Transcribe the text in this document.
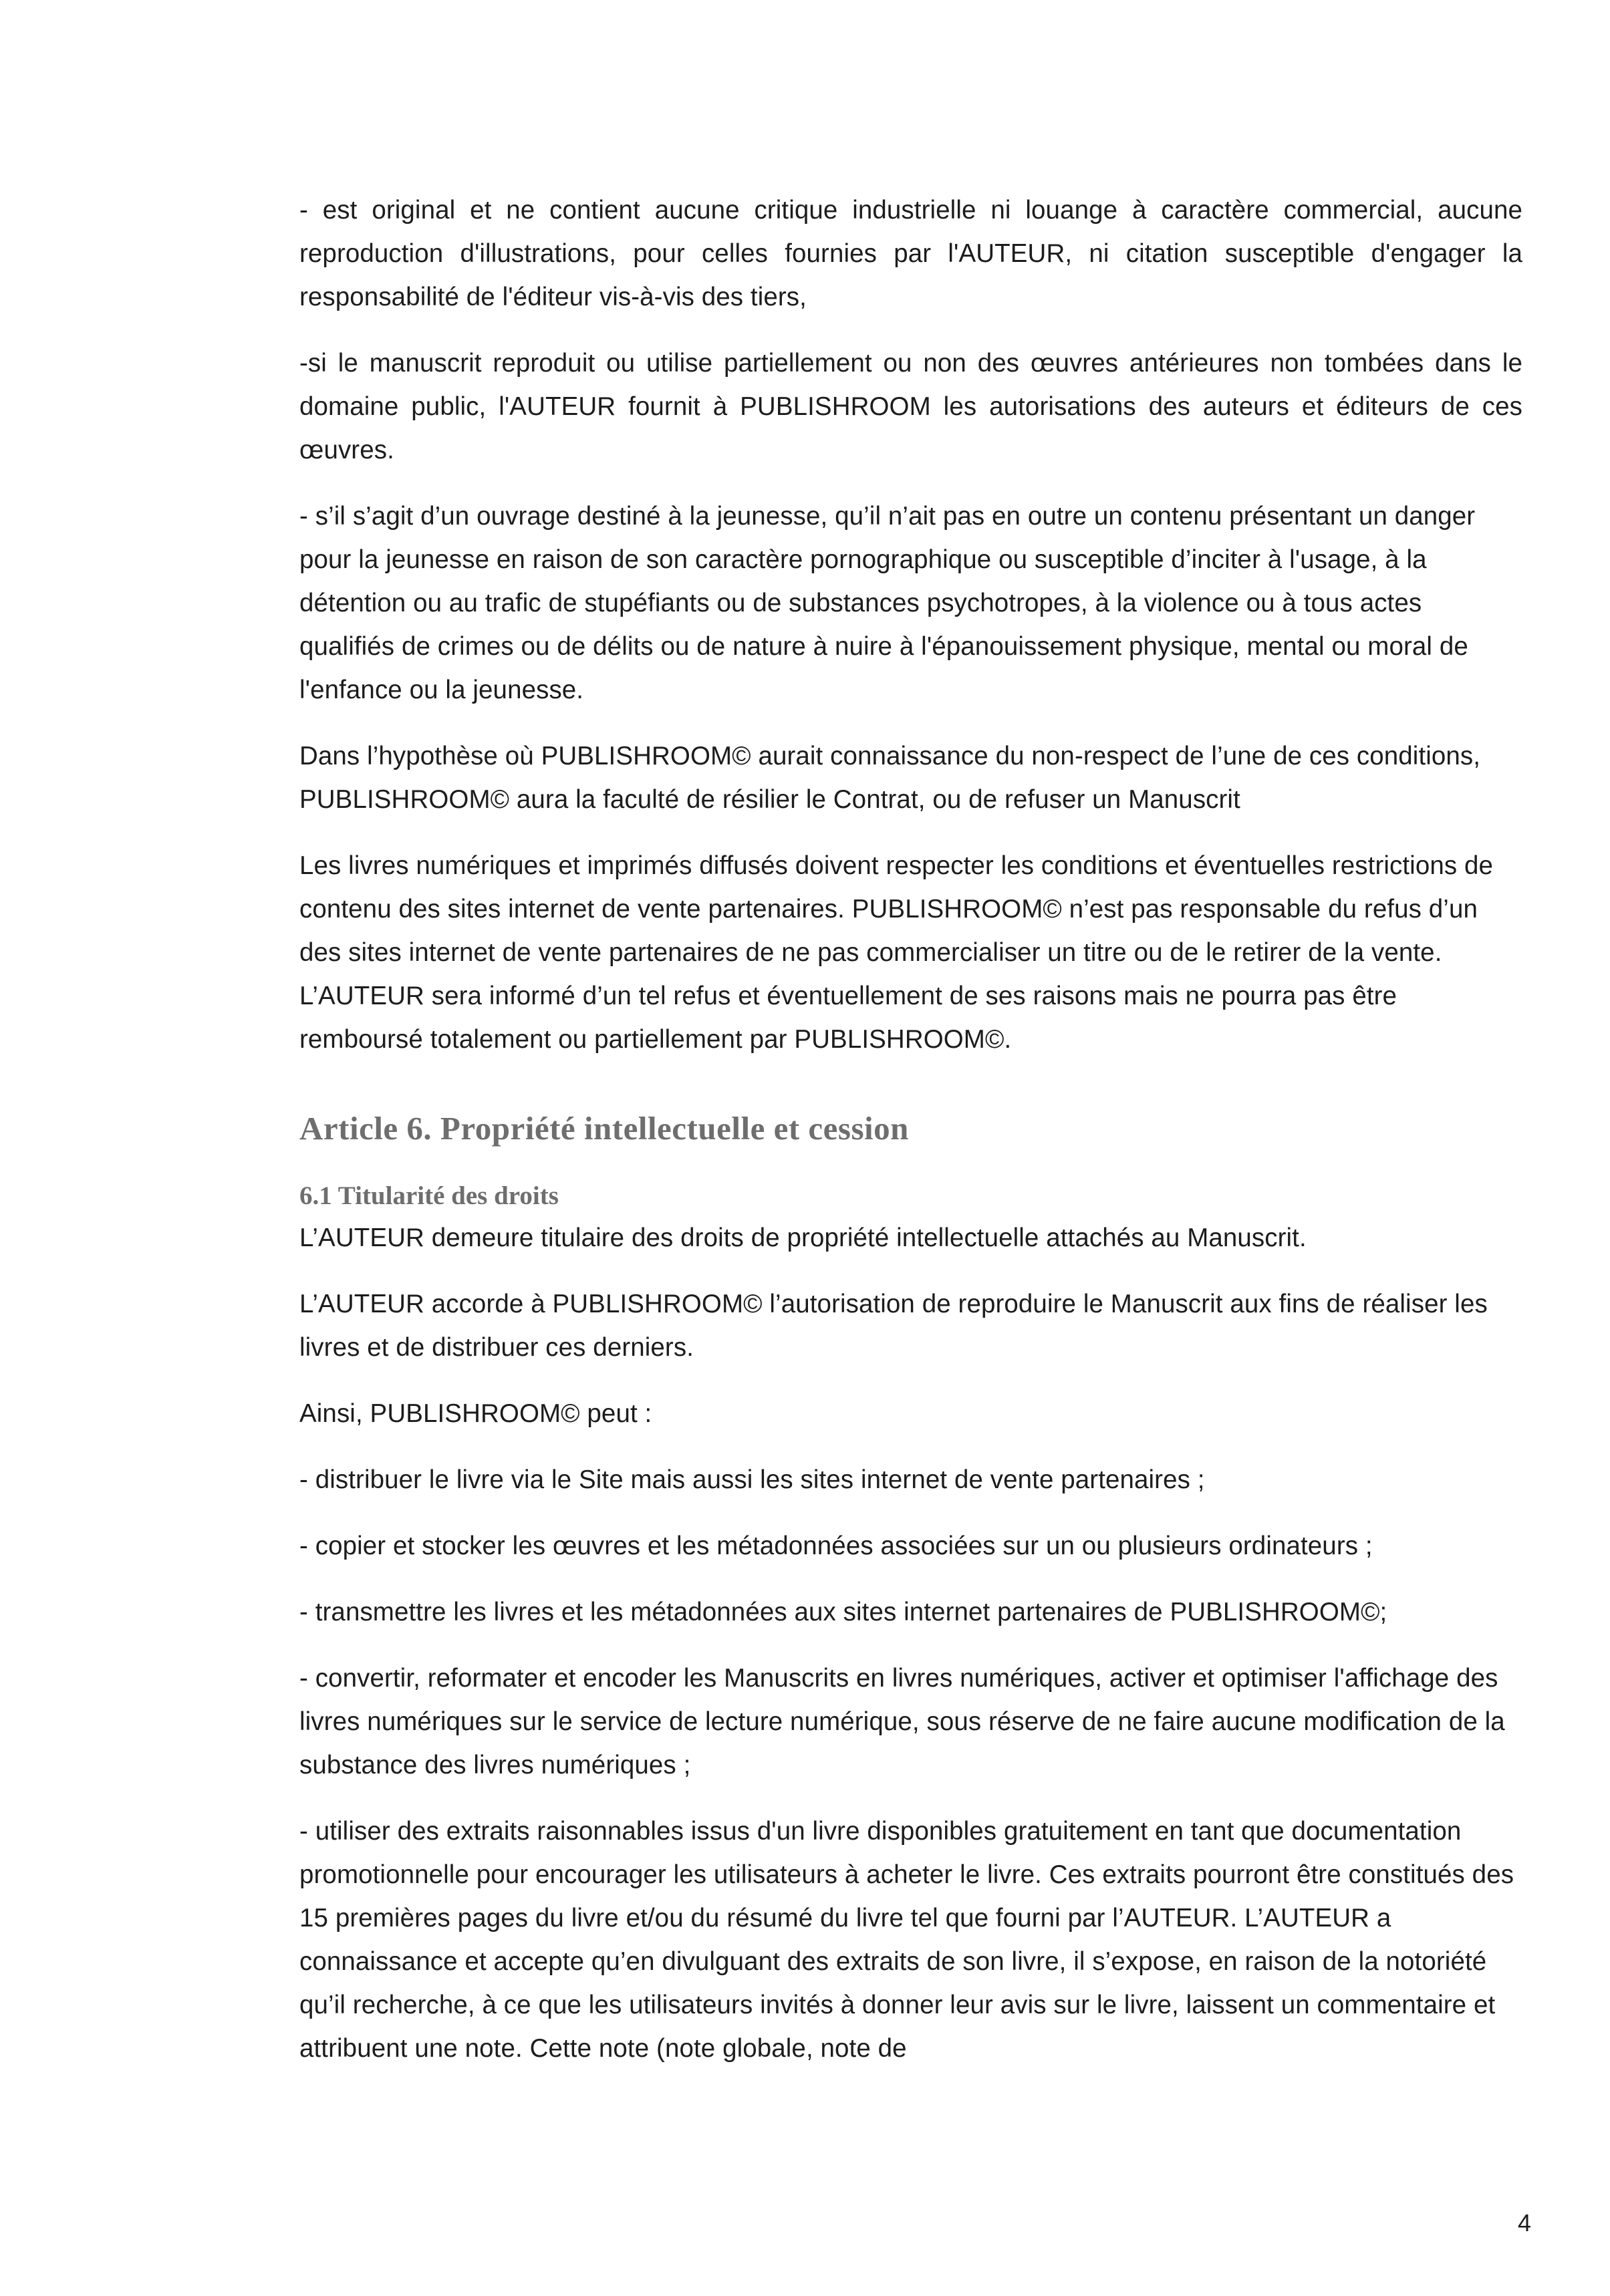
- est original et ne contient aucune critique industrielle ni louange à caractère commercial, aucune reproduction d'illustrations, pour celles fournies par l'AUTEUR, ni citation susceptible d'engager la responsabilité de l'éditeur vis-à-vis des tiers,

-si le manuscrit reproduit ou utilise partiellement ou non des œuvres antérieures non tombées dans le domaine public, l'AUTEUR fournit à PUBLISHROOM les autorisations des auteurs et éditeurs de ces œuvres.

- s’il s’agit d’un ouvrage destiné à la jeunesse, qu’il n’ait pas en outre un contenu présentant un danger pour la jeunesse en raison de son caractère pornographique ou susceptible d’inciter à l'usage, à la détention ou au trafic de stupéfiants ou de substances psychotropes, à la violence ou à tous actes qualifiés de crimes ou de délits ou de nature à nuire à l'épanouissement physique, mental ou moral de l'enfance ou la jeunesse.

Dans l’hypothèse où PUBLISHROOM© aurait connaissance du non-respect de l’une de ces conditions, PUBLISHROOM© aura la faculté de résilier le Contrat, ou de refuser un Manuscrit

Les livres numériques et imprimés diffusés doivent respecter les conditions et éventuelles restrictions de contenu des sites internet de vente partenaires. PUBLISHROOM© n’est pas responsable du refus d’un des sites internet de vente partenaires de ne pas commercialiser un titre ou de le retirer de la vente. L’AUTEUR sera informé d’un tel refus et éventuellement de ses raisons mais ne pourra pas être remboursé totalement ou partiellement par PUBLISHROOM©.

Article 6. Propriété intellectuelle et cession
6.1 Titularité des droits

L’AUTEUR demeure titulaire des droits de propriété intellectuelle attachés au Manuscrit.

L’AUTEUR accorde à PUBLISHROOM© l’autorisation de reproduire le Manuscrit aux fins de réaliser les livres et de distribuer ces derniers.

Ainsi, PUBLISHROOM© peut :

- distribuer le livre via le Site mais aussi les sites internet de vente partenaires ;

- copier et stocker les œuvres et les métadonnées associées sur un ou plusieurs ordinateurs ;

- transmettre les livres et les métadonnées aux sites internet partenaires de PUBLISHROOM©;

- convertir, reformater et encoder les Manuscrits en livres numériques, activer et optimiser l'affichage des livres numériques sur le service de lecture numérique, sous réserve de ne faire aucune modification de la substance des livres numériques ;

- utiliser des extraits raisonnables issus d'un livre disponibles gratuitement en tant que documentation promotionnelle pour encourager les utilisateurs à acheter le livre. Ces extraits pourront être constitués des 15 premières pages du livre et/ou du résumé du livre tel que fourni par l’AUTEUR. L’AUTEUR a connaissance et accepte qu’en divulguant des extraits de son livre, il s’expose, en raison de la notoriété qu’il recherche, à ce que les utilisateurs invités à donner leur avis sur le livre, laissent un commentaire et attribuent une note. Cette note (note globale, note de

4
